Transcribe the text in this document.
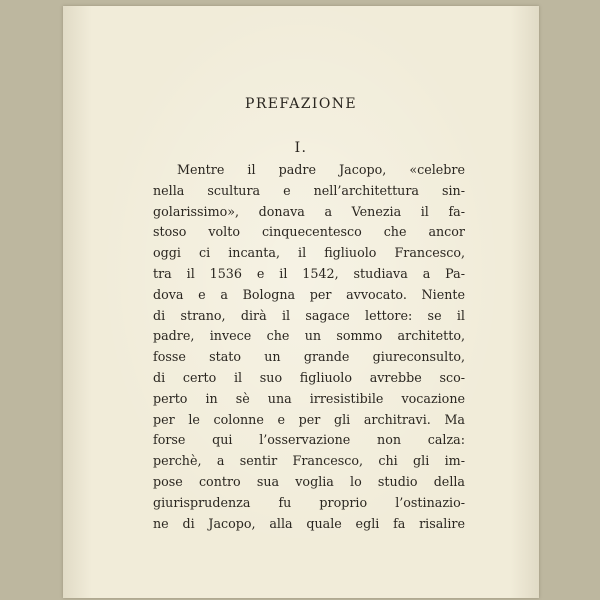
PREFAZIONE
I.
Mentre il padre Jacopo, «celebre
nella scultura e nell’architettura sin-
golarissimo», donava a Venezia il fa-
stoso volto cinquecentesco che ancor
oggi ci incanta, il figliuolo Francesco,
tra il 1536 e il 1542, studiava a Pa-
dova e a Bologna per avvocato. Niente
di strano, dirà il sagace lettore: se il
padre, invece che un sommo architetto,
fosse stato un grande giureconsulto,
di certo il suo figliuolo avrebbe sco-
perto in sè una irresistibile vocazione
per le colonne e per gli architravi. Ma
forse qui l’osservazione non calza:
perchè, a sentir Francesco, chi gli im-
pose contro sua voglia lo studio della
giurisprudenza fu proprio l’ostinazio-
ne di Jacopo, alla quale egli fa risalire
